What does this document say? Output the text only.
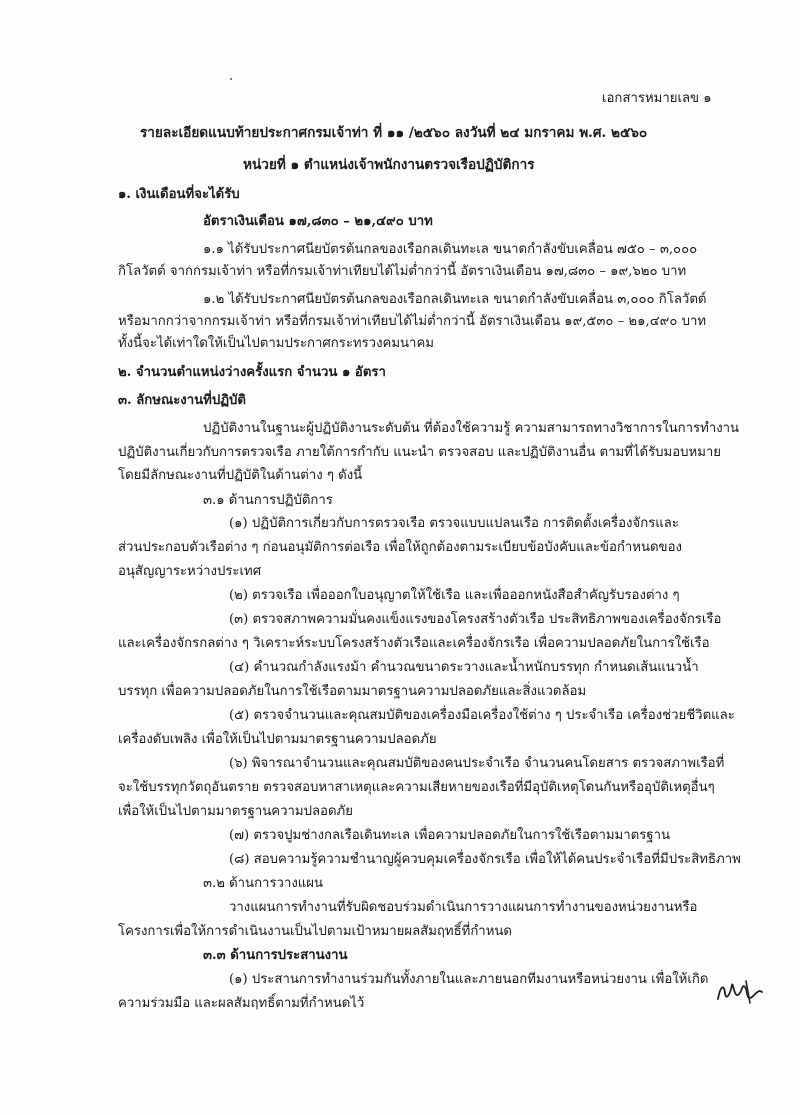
เอกสารหมายเลข ๑
รายละเอียดแนบท้ายประกาศกรมเจ้าท่า ที่ ๑๑ /๒๕๖๐ ลงวันที่ ๒๔ มกราคม พ.ศ. ๒๕๖๐
หน่วยที่ ๑ ตำแหน่งเจ้าพนักงานตรวจเรือปฏิบัติการ
๑. เงินเดือนที่จะได้รับ
อัตราเงินเดือน ๑๗,๘๓๐ – ๒๑,๔๙๐ บาท
๑.๑ ได้รับประกาศนียบัตรต้นกลของเรือกลเดินทะเล ขนาดกำลังขับเคลื่อน ๗๕๐ – ๓,๐๐๐
กิโลวัตต์ จากกรมเจ้าท่า หรือที่กรมเจ้าท่าเทียบได้ไม่ต่ำกว่านี้ อัตราเงินเดือน ๑๗,๘๓๐ – ๑๙,๖๒๐ บาท
๑.๒ ได้รับประกาศนียบัตรต้นกลของเรือกลเดินทะเล ขนาดกำลังขับเคลื่อน ๓,๐๐๐ กิโลวัตต์
หรือมากกว่าจากกรมเจ้าท่า หรือที่กรมเจ้าท่าเทียบได้ไม่ต่ำกว่านี้ อัตราเงินเดือน ๑๙,๕๓๐ – ๒๑,๔๙๐ บาท
ทั้งนี้จะได้เท่าใดให้เป็นไปตามประกาศกระทรวงคมนาคม
๒. จำนวนตำแหน่งว่างครั้งแรก จำนวน ๑ อัตรา
๓. ลักษณะงานที่ปฏิบัติ
ปฏิบัติงานในฐานะผู้ปฏิบัติงานระดับต้น ที่ต้องใช้ความรู้ ความสามารถทางวิชาการในการทำงาน
ปฏิบัติงานเกี่ยวกับการตรวจเรือ ภายใต้การกำกับ แนะนำ ตรวจสอบ และปฏิบัติงานอื่น ตามที่ได้รับมอบหมาย
โดยมีลักษณะงานที่ปฏิบัติในด้านต่าง ๆ ดังนี้
๓.๑ ด้านการปฏิบัติการ
(๑) ปฏิบัติการเกี่ยวกับการตรวจเรือ ตรวจแบบแปลนเรือ การติดตั้งเครื่องจักรและ
ส่วนประกอบตัวเรือต่าง ๆ ก่อนอนุมัติการต่อเรือ เพื่อให้ถูกต้องตามระเบียบข้อบังคับและข้อกำหนดของ
อนุสัญญาระหว่างประเทศ
(๒) ตรวจเรือ เพื่อออกใบอนุญาตให้ใช้เรือ และเพื่อออกหนังสือสำคัญรับรองต่าง ๆ
(๓) ตรวจสภาพความมั่นคงแข็งแรงของโครงสร้างตัวเรือ ประสิทธิภาพของเครื่องจักรเรือ
และเครื่องจักรกลต่าง ๆ วิเคราะห์ระบบโครงสร้างตัวเรือและเครื่องจักรเรือ เพื่อความปลอดภัยในการใช้เรือ
(๔) คำนวณกำลังแรงม้า คำนวณขนาดระวางและน้ำหนักบรรทุก กำหนดเส้นแนวน้ำ
บรรทุก เพื่อความปลอดภัยในการใช้เรือตามมาตรฐานความปลอดภัยและสิ่งแวดล้อม
(๕) ตรวจจำนวนและคุณสมบัติของเครื่องมือเครื่องใช้ต่าง ๆ ประจำเรือ เครื่องช่วยชีวิตและ
เครื่องดับเพลิง เพื่อให้เป็นไปตามมาตรฐานความปลอดภัย
(๖) พิจารณาจำนวนและคุณสมบัติของคนประจำเรือ จำนวนคนโดยสาร ตรวจสภาพเรือที่
จะใช้บรรทุกวัตถุอันตราย ตรวจสอบหาสาเหตุและความเสียหายของเรือที่มีอุบัติเหตุโดนกันหรืออุบัติเหตุอื่นๆ
เพื่อให้เป็นไปตามมาตรฐานความปลอดภัย
(๗) ตรวจปูมช่างกลเรือเดินทะเล เพื่อความปลอดภัยในการใช้เรือตามมาตรฐาน
(๘) สอบความรู้ความชำนาญผู้ควบคุมเครื่องจักรเรือ เพื่อให้ได้คนประจำเรือที่มีประสิทธิภาพ
๓.๒ ด้านการวางแผน
วางแผนการทำงานที่รับผิดชอบร่วมดำเนินการวางแผนการทำงานของหน่วยงานหรือ
โครงการเพื่อให้การดำเนินงานเป็นไปตามเป้าหมายผลสัมฤทธิ์ที่กำหนด
๓.๓ ด้านการประสานงาน
(๑) ประสานการทำงานร่วมกันทั้งภายในและภายนอกทีมงานหรือหน่วยงาน เพื่อให้เกิด
ความร่วมมือ และผลสัมฤทธิ์ตามที่กำหนดไว้
